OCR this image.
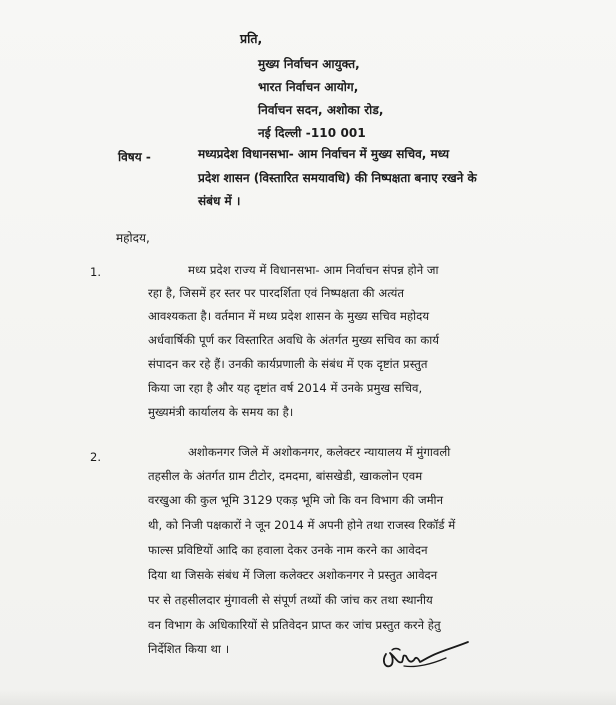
प्रति,
मुख्य निर्वाचन आयुक्त,
भारत निर्वाचन आयोग,
निर्वाचन सदन, अशोका रोड,
नई दिल्ली -110 001
विषय -	मध्यप्रदेश विधानसभा- आम निर्वाचन में मुख्य सचिव, मध्य
प्रदेश शासन (विस्तारित समयावधि) की निष्पक्षता बनाए रखने के
संबंध में ।
महोदय,
1.	मध्य प्रदेश राज्य में विधानसभा- आम निर्वाचन संपन्न होने जा
रहा है, जिसमें हर स्तर पर पारदर्शिता एवं निष्पक्षता की अत्यंत
आवश्यकता है। वर्तमान में मध्य प्रदेश शासन के मुख्य सचिव महोदय
अर्धवार्षिकी पूर्ण कर विस्तारित अवधि के अंतर्गत मुख्य सचिव का कार्य
संपादन कर रहे हैं। उनकी कार्यप्रणाली के संबंध में एक दृष्टांत प्रस्तुत
किया जा रहा है और यह दृष्टांत वर्ष 2014 में उनके प्रमुख सचिव,
मुख्यमंत्री कार्यालय के समय का है।
2.	अशोकनगर जिले में अशोकनगर, कलेक्टर न्यायालय में मुंगावली
तहसील के अंतर्गत ग्राम टीटोर, दमदमा, बांसखेडी, खाकलोन एवम
वरखुआ की कुल भूमि 3129 एकड़ भूमि जो कि वन विभाग की जमीन
थी, को निजी पक्षकारों ने जून 2014 में अपनी होने तथा राजस्व रिकॉर्ड में
फाल्स प्रविष्टियों आदि का हवाला देकर उनके नाम करने का आवेदन
दिया था जिसके संबंध में जिला कलेक्टर अशोकनगर ने प्रस्तुत आवेदन
पर से तहसीलदार मुंगावली से संपूर्ण तथ्यों की जांच कर तथा स्थानीय
वन विभाग के अधिकारियों से प्रतिवेदन प्राप्त कर जांच प्रस्तुत करने हेतु
निर्देशित किया था ।
